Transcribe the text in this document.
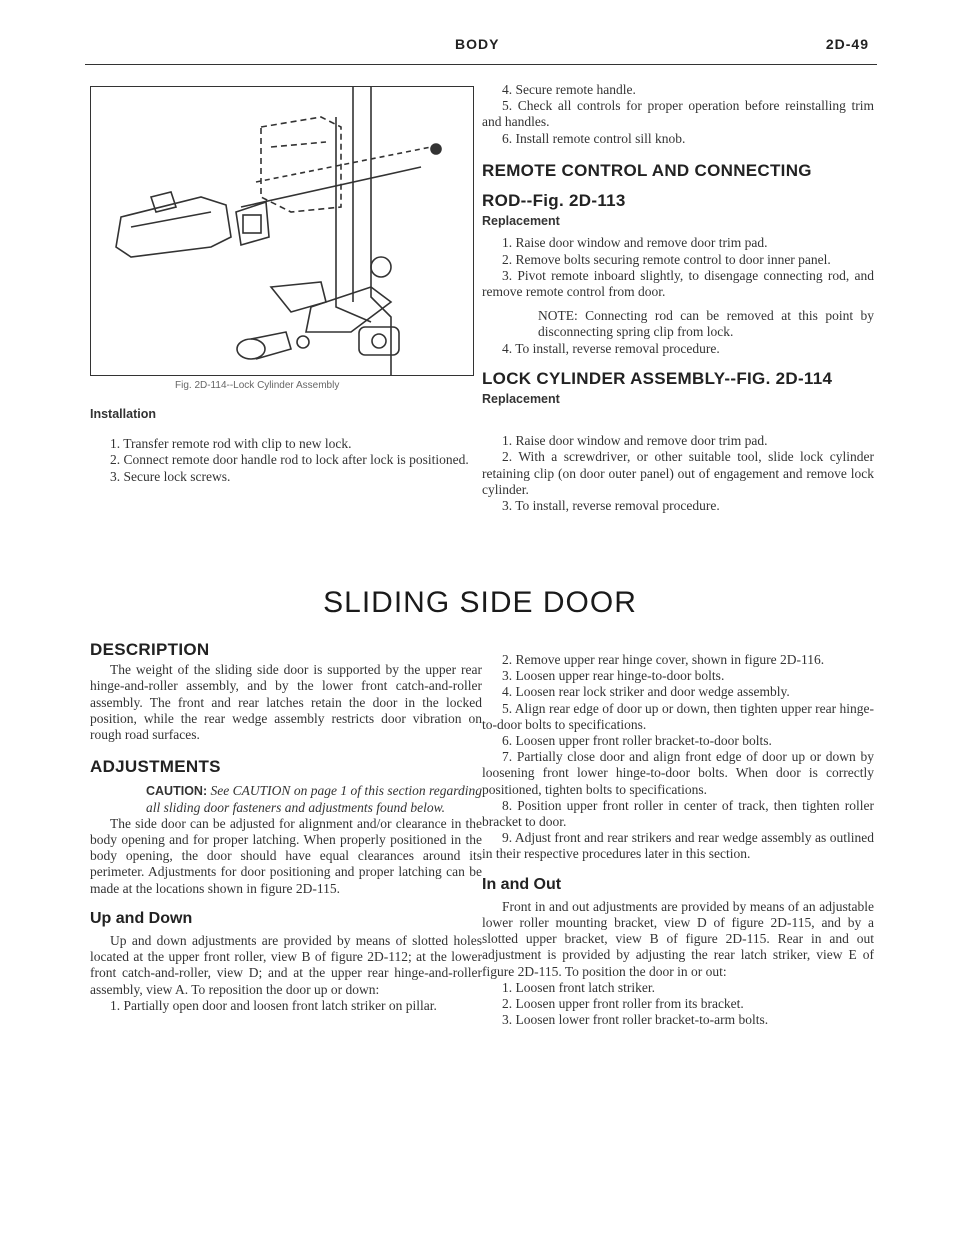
BODY	2D-49
Fig. 2D-114--Lock Cylinder Assembly

Installation

1. Transfer remote rod with clip to new lock.

2. Connect remote door handle rod to lock after lock is positioned.

3. Secure lock screws.

4. Secure remote handle.

5. Check all controls for proper operation before reinstalling trim and handles.

6. Install remote control sill knob.

REMOTE CONTROL AND CONNECTING

ROD--Fig. 2D-113

Replacement

1. Raise door window and remove door trim pad.

2. Remove bolts securing remote control to door inner panel.

3. Pivot remote inboard slightly, to disengage connecting rod, and remove remote control from door.

NOTE: Connecting rod can be removed at this point by disconnecting spring clip from lock.

4. To install, reverse removal procedure.

LOCK CYLINDER ASSEMBLY--FIG. 2D-114

Replacement

1. Raise door window and remove door trim pad.

2. With a screwdriver, or other suitable tool, slide lock cylinder retaining clip (on door outer panel) out of engagement and remove lock cylinder.

3. To install, reverse removal procedure.

SLIDING SIDE DOOR

DESCRIPTION

The weight of the sliding side door is supported by the upper rear hinge-and-roller assembly, and by the lower front catch-and-roller assembly. The front and rear latches retain the door in the locked position, while the rear wedge assembly restricts door vibration on rough road surfaces.

ADJUSTMENTS

CAUTION: See CAUTION on page 1 of this section regarding all sliding door fasteners and adjustments found below.

The side door can be adjusted for alignment and/or clearance in the body opening and for proper latching. When properly positioned in the body opening, the door should have equal clearances around its perimeter. Adjustments for door positioning and proper latching can be made at the locations shown in figure 2D-115.

Up and Down

Up and down adjustments are provided by means of slotted holes located at the upper front roller, view B of figure 2D-112; at the lower front catch-and-roller, view D; and at the upper rear hinge-and-roller assembly, view A. To reposition the door up or down:

1. Partially open door and loosen front latch striker on pillar.

2. Remove upper rear hinge cover, shown in figure 2D-116.

3. Loosen upper rear hinge-to-door bolts.

4. Loosen rear lock striker and door wedge assembly.

5. Align rear edge of door up or down, then tighten upper rear hinge-to-door bolts to specifications.

6. Loosen upper front roller bracket-to-door bolts.

7. Partially close door and align front edge of door up or down by loosening front lower hinge-to-door bolts. When door is correctly positioned, tighten bolts to specifications.

8. Position upper front roller in center of track, then tighten roller bracket to door.

9. Adjust front and rear strikers and rear wedge assembly as outlined in their respective procedures later in this section.

In and Out

Front in and out adjustments are provided by means of an adjustable lower roller mounting bracket, view D of figure 2D-115, and by a slotted upper bracket, view B of figure 2D-115. Rear in and out adjustment is provided by adjusting the rear latch striker, view E of figure 2D-115. To position the door in or out:

1. Loosen front latch striker.

2. Loosen upper front roller from its bracket.

3. Loosen lower front roller bracket-to-arm bolts.
